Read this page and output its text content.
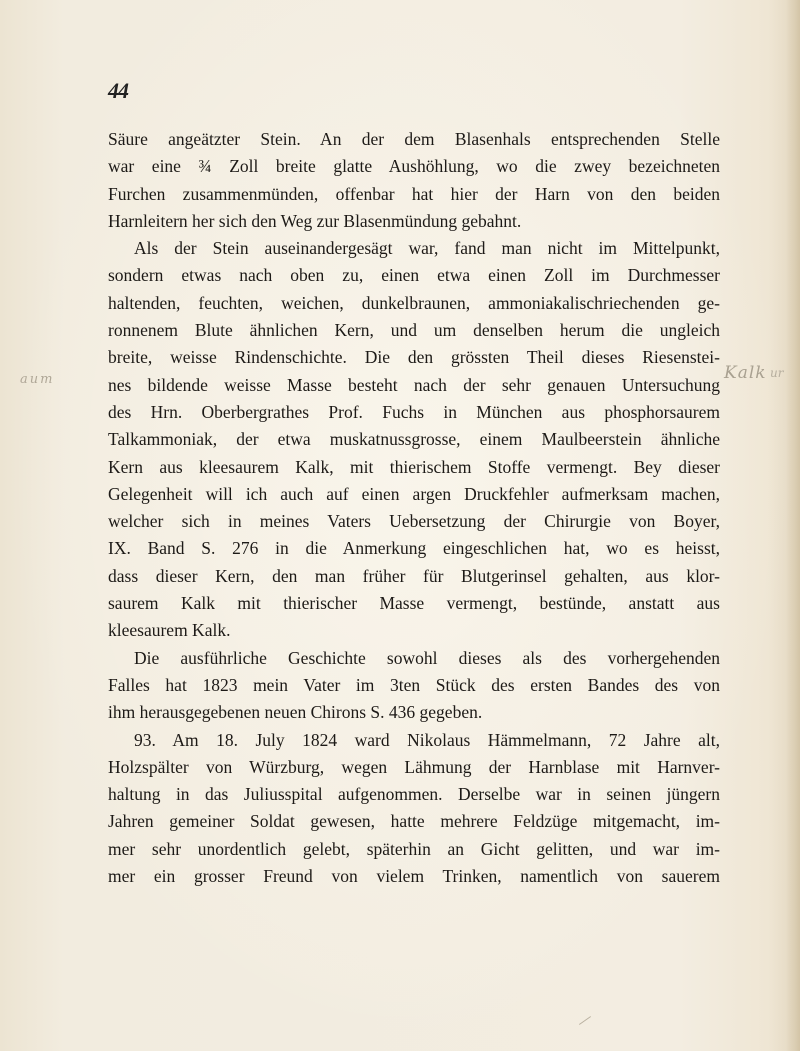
44
Säure angeätzter Stein. An der dem Blasenhals entsprechenden Stelle
war eine ¾ Zoll breite glatte Aushöhlung, wo die zwey bezeichneten
Furchen zusammenmünden, offenbar hat hier der Harn von den beiden
Harnleitern her sich den Weg zur Blasenmündung gebahnt.
Als der Stein auseinandergesägt war, fand man nicht im Mittelpunkt,
sondern etwas nach oben zu, einen etwa einen Zoll im Durchmesser
haltenden, feuchten, weichen, dunkelbraunen, ammoniakalischriechenden ge-
ronnenem Blute ähnlichen Kern, und um denselben herum die ungleich
breite, weisse Rindenschichte. Die den grössten Theil dieses Riesenstei-
nes bildende weisse Masse besteht nach der sehr genauen Untersuchung
des Hrn. Oberbergrathes Prof. Fuchs in München aus phosphorsaurem
Talkammoniak, der etwa muskatnussgrosse, einem Maulbeerstein ähnliche
Kern aus kleesaurem Kalk, mit thierischem Stoffe vermengt. Bey dieser
Gelegenheit will ich auch auf einen argen Druckfehler aufmerksam machen,
welcher sich in meines Vaters Uebersetzung der Chirurgie von Boyer,
IX. Band S. 276 in die Anmerkung eingeschlichen hat, wo es heisst,
dass dieser Kern, den man früher für Blutgerinsel gehalten, aus klor-
saurem Kalk mit thierischer Masse vermengt, bestünde, anstatt aus
kleesaurem Kalk.
Die ausführliche Geschichte sowohl dieses als des vorhergehenden
Falles hat 1823 mein Vater im 3ten Stück des ersten Bandes des von
ihm herausgegebenen neuen Chirons S. 436 gegeben.
93. Am 18. July 1824 ward Nikolaus Hämmelmann, 72 Jahre alt,
Holzspälter von Würzburg, wegen Lähmung der Harnblase mit Harnver-
haltung in das Juliusspital aufgenommen. Derselbe war in seinen jüngern
Jahren gemeiner Soldat gewesen, hatte mehrere Feldzüge mitgemacht, im-
mer sehr unordentlich gelebt, späterhin an Gicht gelitten, und war im-
mer ein grosser Freund von vielem Trinken, namentlich von sauerem
Kalk ur
aum
